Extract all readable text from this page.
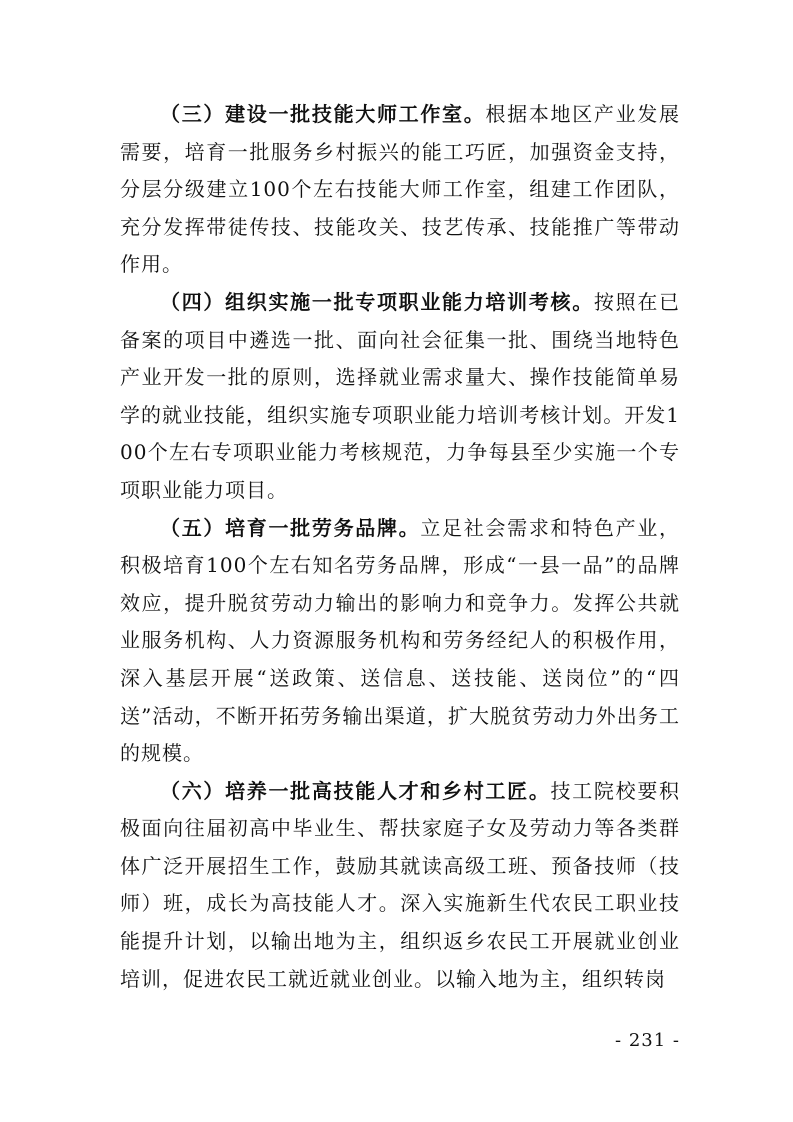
（三）建设一批技能大师工作室。根据本地区产业发展需要，培育一批服务乡村振兴的能工巧匠，加强资金支持，分层分级建立100个左右技能大师工作室，组建工作团队，充分发挥带徒传技、技能攻关、技艺传承、技能推广等带动作用。

（四）组织实施一批专项职业能力培训考核。按照在已备案的项目中遴选一批、面向社会征集一批、围绕当地特色产业开发一批的原则，选择就业需求量大、操作技能简单易学的就业技能，组织实施专项职业能力培训考核计划。开发100个左右专项职业能力考核规范，力争每县至少实施一个专项职业能力项目。

（五）培育一批劳务品牌。立足社会需求和特色产业，积极培育100个左右知名劳务品牌，形成“一县一品”的品牌效应，提升脱贫劳动力输出的影响力和竞争力。发挥公共就业服务机构、人力资源服务机构和劳务经纪人的积极作用，深入基层开展“送政策、送信息、送技能、送岗位”的“四送”活动，不断开拓劳务输出渠道，扩大脱贫劳动力外出务工的规模。

（六）培养一批高技能人才和乡村工匠。技工院校要积极面向往届初高中毕业生、帮扶家庭子女及劳动力等各类群体广泛开展招生工作，鼓励其就读高级工班、预备技师（技师）班，成长为高技能人才。深入实施新生代农民工职业技能提升计划，以输出地为主，组织返乡农民工开展就业创业培训，促进农民工就近就业创业。以输入地为主，组织转岗

- 231 -
